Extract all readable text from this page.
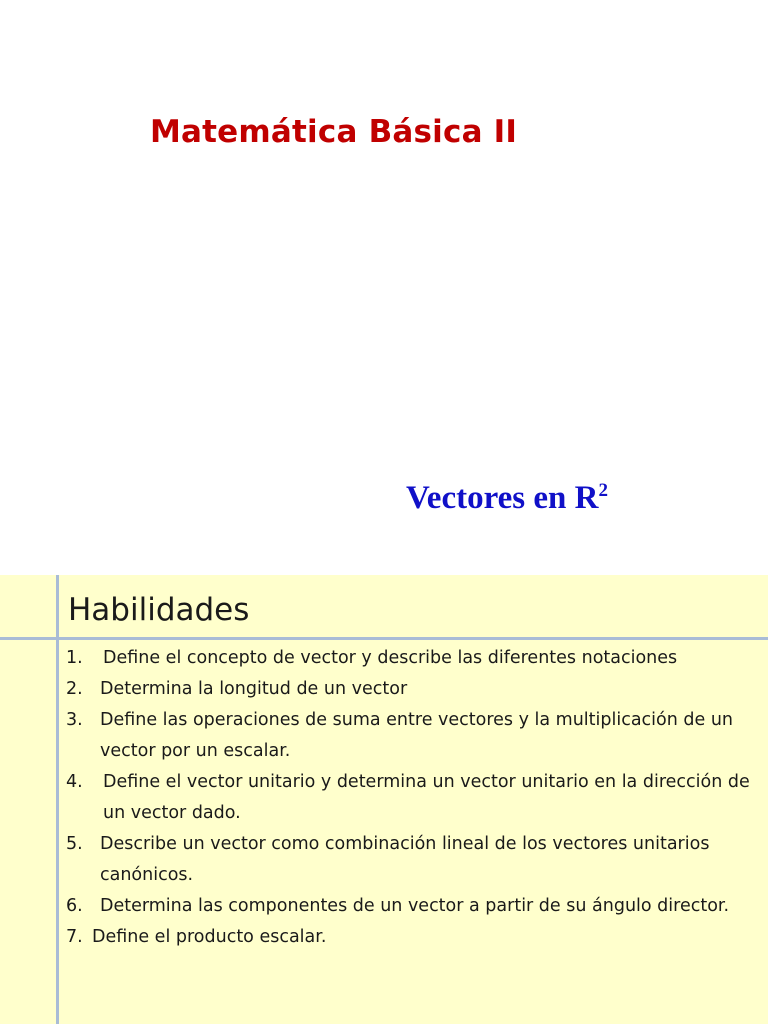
Matemática Básica II
Vectores en $R^2$
Habilidades
1.	Define el concepto de vector y describe las diferentes notaciones
2. Determina la longitud de un vector
3. Define las operaciones de suma entre vectores y la multiplicación de un vector por un escalar.
4.	Define el vector unitario y determina un vector unitario en la dirección de un vector dado.
5. Describe un vector como combinación lineal de los vectores unitarios canónicos.
6. Determina las componentes de un vector a partir de su ángulo director.
7. Define el producto escalar.
